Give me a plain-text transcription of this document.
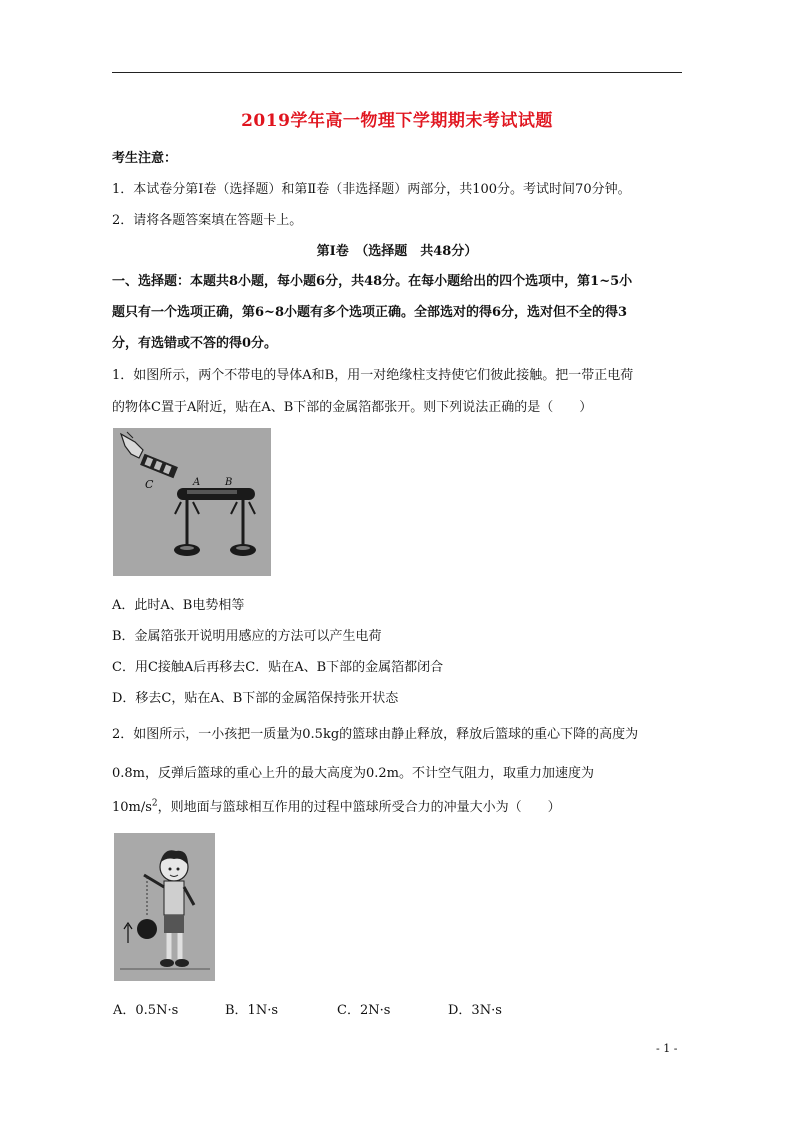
2019学年高一物理下学期期末考试试题
考生注意：
1．本试卷分第Ⅰ卷（选择题）和第Ⅱ卷（非选择题）两部分，共100分。考试时间70分钟。
2．请将各题答案填在答题卡上。
第Ⅰ卷　（选择题　共48分）
一、选择题：本题共8小题，每小题6分，共48分。在每小题给出的四个选项中，第1~5小
题只有一个选项正确，第6~8小题有多个选项正确。全部选对的得6分，选对但不全的得3
分，有选错或不答的得0分。
1．如图所示，两个不带电的导体A和B，用一对绝缘柱支持使它们彼此接触。把一带正电荷
的物体C置于A附近，贴在A、B下部的金属箔都张开。则下列说法正确的是（　　）
C	A B
A．此时A、B电势相等
B．金属箔张开说明用感应的方法可以产生电荷
C．用C接触A后再移去C．贴在A、B下部的金属箔都闭合
D．移去C，贴在A、B下部的金属箔保持张开状态
2．如图所示，一小孩把一质量为0.5kg的篮球由静止释放，释放后篮球的重心下降的高度为
0.8m，反弹后篮球的重心上升的最大高度为0.2m。不计空气阻力，取重力加速度为
$10m/s^2$，则地面与篮球相互作用的过程中篮球所受合力的冲量大小为（　　）
A．0.5N·s	B．1N·s	C．2N·s	D．3N·s
- 1 -
